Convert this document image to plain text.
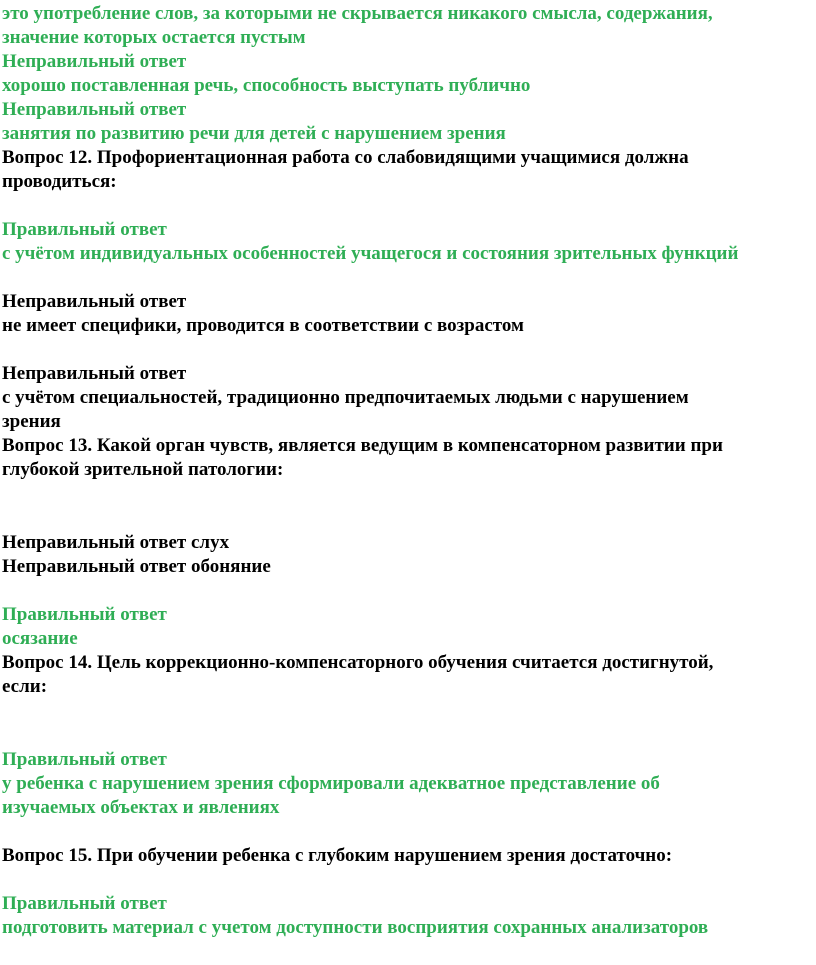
это употребление слов, за которыми не скрывается никакого смысла, содержания,

значение которых остается пустым

Неправильный ответ

хорошо поставленная речь, способность выступать публично

Неправильный ответ

занятия по развитию речи для детей с нарушением зрения

Вопрос 12. Профориентационная работа со слабовидящими учащимися должна

проводиться:

Правильный ответ

с учётом индивидуальных особенностей учащегося и состояния зрительных функций

Неправильный ответ

не имеет специфики, проводится в соответствии с возрастом

Неправильный ответ

с учётом специальностей, традиционно предпочитаемых людьми с нарушением

зрения

Вопрос 13. Какой орган чувств, является ведущим в компенсаторном развитии при

глубокой зрительной патологии:

Неправильный ответ слух

Неправильный ответ обоняние

Правильный ответ

осязание

Вопрос 14. Цель коррекционно-компенсаторного обучения считается достигнутой,

если:

Правильный ответ

у ребенка с нарушением зрения сформировали адекватное представление об

изучаемых объектах и явлениях

Вопрос 15. При обучении ребенка с глубоким нарушением зрения достаточно:

Правильный ответ

подготовить материал с учетом доступности восприятия сохранных анализаторов
